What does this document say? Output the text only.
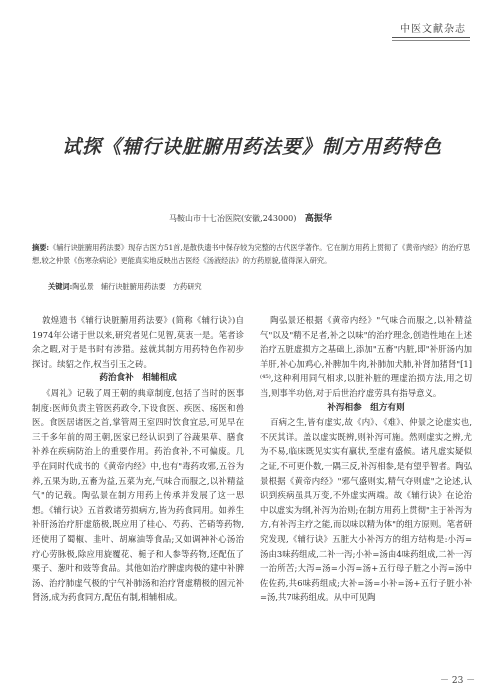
中医文献杂志
试探《辅行诀脏腑用药法要》制方用药特色
马鞍山市十七冶医院(安徽,243000) 高振华
摘要:《辅行诀脏腑用药法要》现存古医方51首,是散佚遗书中保存较为完整的古代医学著作。它在制方用药上贯彻了《黄帝内经》的治疗思想,较之仲景《伤寒杂病论》更能真实地反映出古医经《汤液经法》的方药原貌,值得深入研究。
关键词:陶弘景　辅行诀脏腑用药法要　方药研究

敦煌遗书《辅行诀脏腑用药法要》(简称《辅行诀》)自1974年公诸于世以来,研究者见仁见智,莫衷一是。笔者诊余之暇,对于是书时有涉猎。兹就其制方用药特色作初步探讨。续貂之作,权当引玉之砖。

药治食补　相辅相成

《周礼》记载了周王朝的典章制度,包括了当时的医事制度:医师负责主管医药政令,下设食医、疾医、疡医和兽医。食医居诸医之首,掌管周王室四时饮食宜忌,可见早在三千多年前的周王朝,医家已经认识到了谷蔬果草、膳食补养在疾病防治上的重要作用。药治食补,不可偏废。几乎在同时代成书的《黄帝内经》中,也有"毒药攻邪,五谷为养,五果为助,五畜为益,五菜为充,气味合而服之,以补精益气"的记载。陶弘景在制方用药上传承并发展了这一思想。《辅行诀》五首救诸劳损病方,皆为药食同用。如养生补肝汤治疗肝虚筋极,既应用了桂心、芍药、芒硝等药物,还使用了蜀椒、韭叶、胡麻油等食品;又如调神补心汤治疗心劳脉极,除应用旋覆花、栀子和人参等药物,还配伍了栗子、葱叶和豉等食品。其他如治疗脾虚肉极的建中补脾汤、治疗肺虚气极的宁气补肺汤和治疗肾虚精极的固元补肾汤,成为药食同方,配伍有制,相辅相成。

陶弘景还根据《黄帝内经》"气味合而服之,以补精益气"以及"精不足者,补之以味"的治疗理念,创造性地在上述治疗五脏虚损方之基础上,添加"五畜"内脏,即"补肝汤内加羊肝,补心加鸡心,补脾加牛肉,补肺加犬肺,补肾加猪肾"[1]⁽⁴⁵⁾,这种利用同气相求,以脏补脏的理虚治损方法,用之切当,则事半功倍,对于后世治疗虚劳具有指导意义。

补泻相参　组方有则

百病之生,皆有虚实,故《内》、《难》、仲景之论虚实也,不厌其详。盖以虚实既辨,则补泻可施。然则虚实之辨,尤为不易,临床既见实实有羸状,至虚有盛候。诸凡虚实疑似之证,不可更仆数,一隅三反,补泻相参,是有望乎智者。陶弘景根据《黄帝内经》"邪气盛则实,精气夺则虚"之论述,认识到疾病虽具万变,不外虚实两端。故《辅行诀》在论治中以虚实为纲,补泻为治则;在制方用药上贯彻"主于补泻为方,有补泻主疗之能,而以味以精为体"的组方原则。笔者研究发现,《辅行诀》五脏大小补泻方的组方结构是:小泻=汤由3味药组成,二补一泻;小补=汤由4味药组成,二补一泻一治所苦;大泻=汤=小泻=汤+五行母子脏之小泻=汤中佐佐药,共6味药组成;大补=汤=小补=汤+五行子脏小补=汤,共7味药组成。从中可见陶

－ 23 －
